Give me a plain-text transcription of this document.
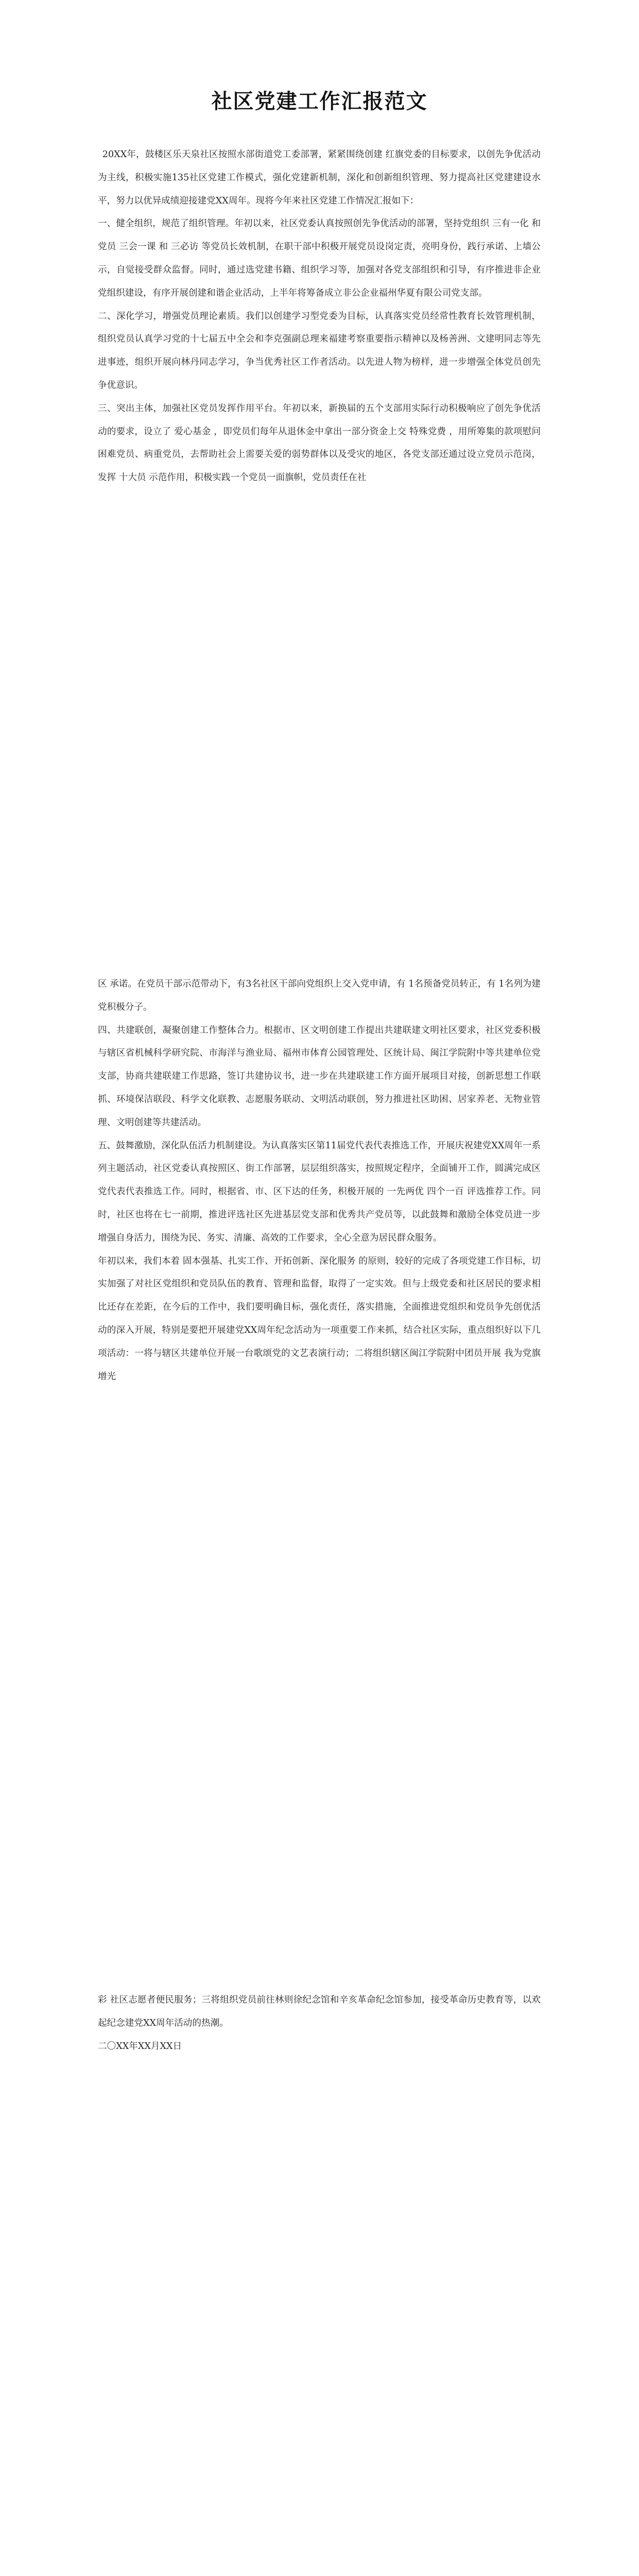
社区党建工作汇报范文

20XX年，鼓楼区乐天泉社区按照水部街道党工委部署，紧紧围绕创建 红旗党委的目标要求，以创先争优活动为主线，积极实施135社区党建工作模式，强化党建新机制，深化和创新组织管理、努力提高社区党建建设水平，努力以优异成绩迎接建党XX周年。现将今年来社区党建工作情况汇报如下：

一、健全组织，规范了组织管理。年初以来，社区党委认真按照创先争优活动的部署，坚持党组织 三有一化 和党员 三会一课 和 三必访 等党员长效机制，在职干部中积极开展党员设岗定责，亮明身份，践行承诺、上墙公示，自觉接受群众监督。同时，通过选党建书籍、组织学习等，加强对各党支部组织和引导，有序推进非企业党组织建设，有序开展创建和谐企业活动，上半年将筹备成立非公企业福州华夏有限公司党支部。

二、深化学习，增强党员理论素质。我们以创建学习型党委为目标，认真落实党员经常性教育长效管理机制，组织党员认真学习党的十七届五中全会和李克强副总理来福建考察重要指示精神以及杨善洲、文建明同志等先进事迹，组织开展向林丹同志学习，争当优秀社区工作者活动。以先进人物为榜样，进一步增强全体党员创先争优意识。

三、突出主体，加强社区党员发挥作用平台。年初以来，新换届的五个支部用实际行动积极响应了创先争优活动的要求，设立了 爱心基金 ，即党员们每年从退休金中拿出一部分资金上交 特殊党费 ，用所筹集的款项慰问困难党员、病重党员，去帮助社会上需要关爱的弱势群体以及受灾的地区，各党支部还通过设立党员示范岗，发挥 十大员 示范作用，积极实践一个党员一面旗帜，党员责任在社

区 承诺。在党员干部示范带动下，有3名社区干部向党组织上交入党申请，有 1名预备党员转正，有 1名列为建党积极分子。

四、共建联创，凝聚创建工作整体合力。根据市、区文明创建工作提出共建联建文明社区要求，社区党委积极与辖区省机械科学研究院、市海洋与渔业局、福州市体育公园管理处、区统计局、闽江学院附中等共建单位党支部，协商共建联建工作思路，签订共建协议书，进一步在共建联建工作方面开展项目对接，创新思想工作联抓、环境保洁联段、科学文化联教、志愿服务联动、文明活动联创，努力推进社区助困、居家养老、无物业管理、文明创建等共建活动。

五、鼓舞激励，深化队伍活力机制建设。为认真落实区第11届党代表代表推选工作，开展庆祝建党XX周年一系列主题活动，社区党委认真按照区、街工作部署，层层组织落实，按照规定程序，全面铺开工作，圆满完成区党代表代表推选工作。同时，根据省、市、区下达的任务，积极开展的 一先两优 四个一百 评选推荐工作。同时，社区也将在七一前期，推进评选社区先进基层党支部和优秀共产党员等，以此鼓舞和激励全体党员进一步增强自身活力，围绕为民、务实、清廉、高效的工作要求，全心全意为居民群众服务。

年初以来，我们本着 固本强基、扎实工作、开拓创新、深化服务 的原则，较好的完成了各项党建工作目标，切实加强了对社区党组织和党员队伍的教育、管理和监督，取得了一定实效。但与上级党委和社区居民的要求相比还存在差距，在今后的工作中，我们要明确目标，强化责任，落实措施，全面推进党组织和党员争先创优活动的深入开展，特别是要把开展建党XX周年纪念活动为一项重要工作来抓，结合社区实际，重点组织好以下几项活动：一将与辖区共建单位开展一台歌颂党的文艺表演行动；二将组织辖区闽江学院附中团员开展 我为党旗增光

彩 社区志愿者便民服务；三将组织党员前往林则徐纪念馆和辛亥革命纪念馆参加，接受革命历史教育等，以欢起纪念建党XX周年活动的热潮。

二〇XX年XX月XX日
